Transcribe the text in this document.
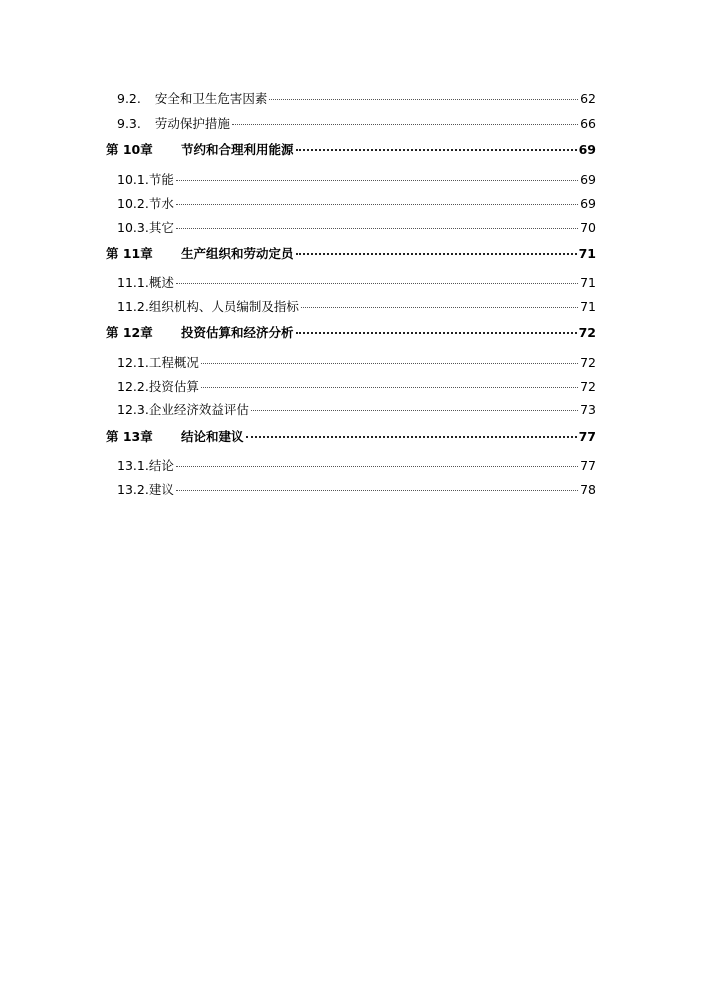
9.2. 安全和卫生危害因素	62
9.3. 劳动保护措施	66
第 10章	节约和合理利用能源	69
10.1. 节能	69
10.2. 节水	69
10.3. 其它	70
第 11章	生产组织和劳动定员	71
11.1. 概述	71
11.2. 组织机构、人员编制及指标	71
第 12章	投资估算和经济分析	72
12.1. 工程概况	72
12.2. 投资估算	72
12.3. 企业经济效益评估	73
第 13章	结论和建议	77
13.1. 结论	77
13.2. 建议	78
